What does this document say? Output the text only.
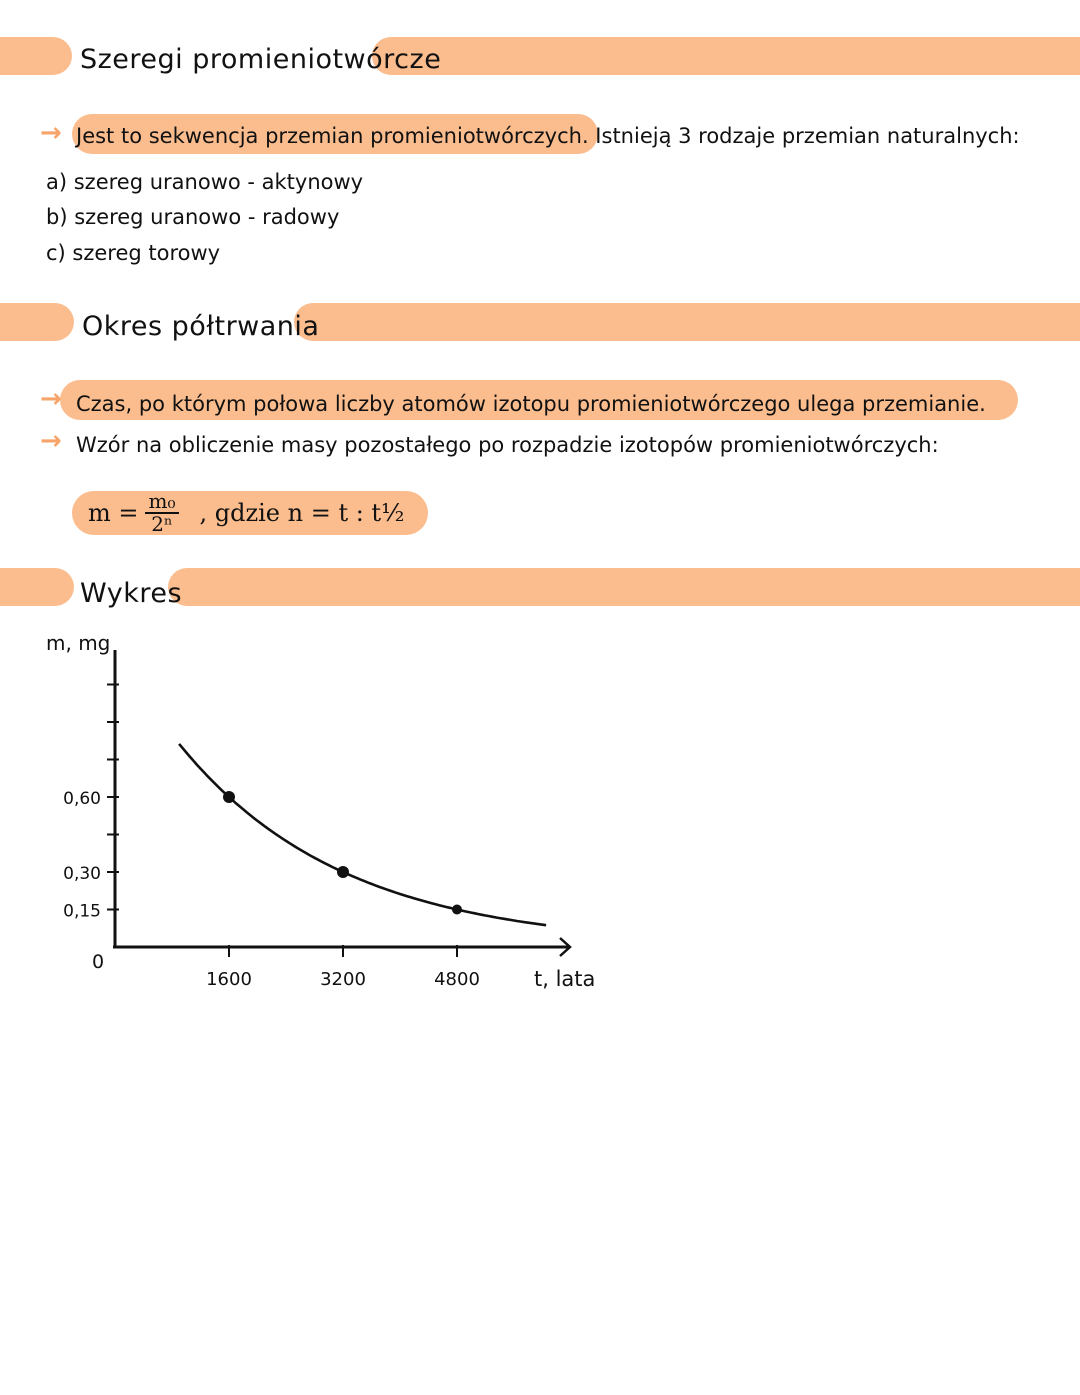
Szeregi promieniotwórcze
→ Jest to sekwencja przemian promieniotwórczych. Istnieją 3 rodzaje przemian naturalnych:
a) szereg uranowo - aktynowy
b) szereg uranowo - radowy
c) szereg torowy
Okres półtrwania
→ Czas, po którym połowa liczby atomów izotopu promieniotwórczego ulega przemianie.
→ Wzór na obliczenie masy pozostałego po rozpadzie izotopów promieniotwórczych:
$m = \frac{\text{m₀}}{\text{2ⁿ}}$ , gdzie n = t : t½
Wykres
0,15
0,30
0,60
1600	3200	4800
m, mg
t, lata
0
